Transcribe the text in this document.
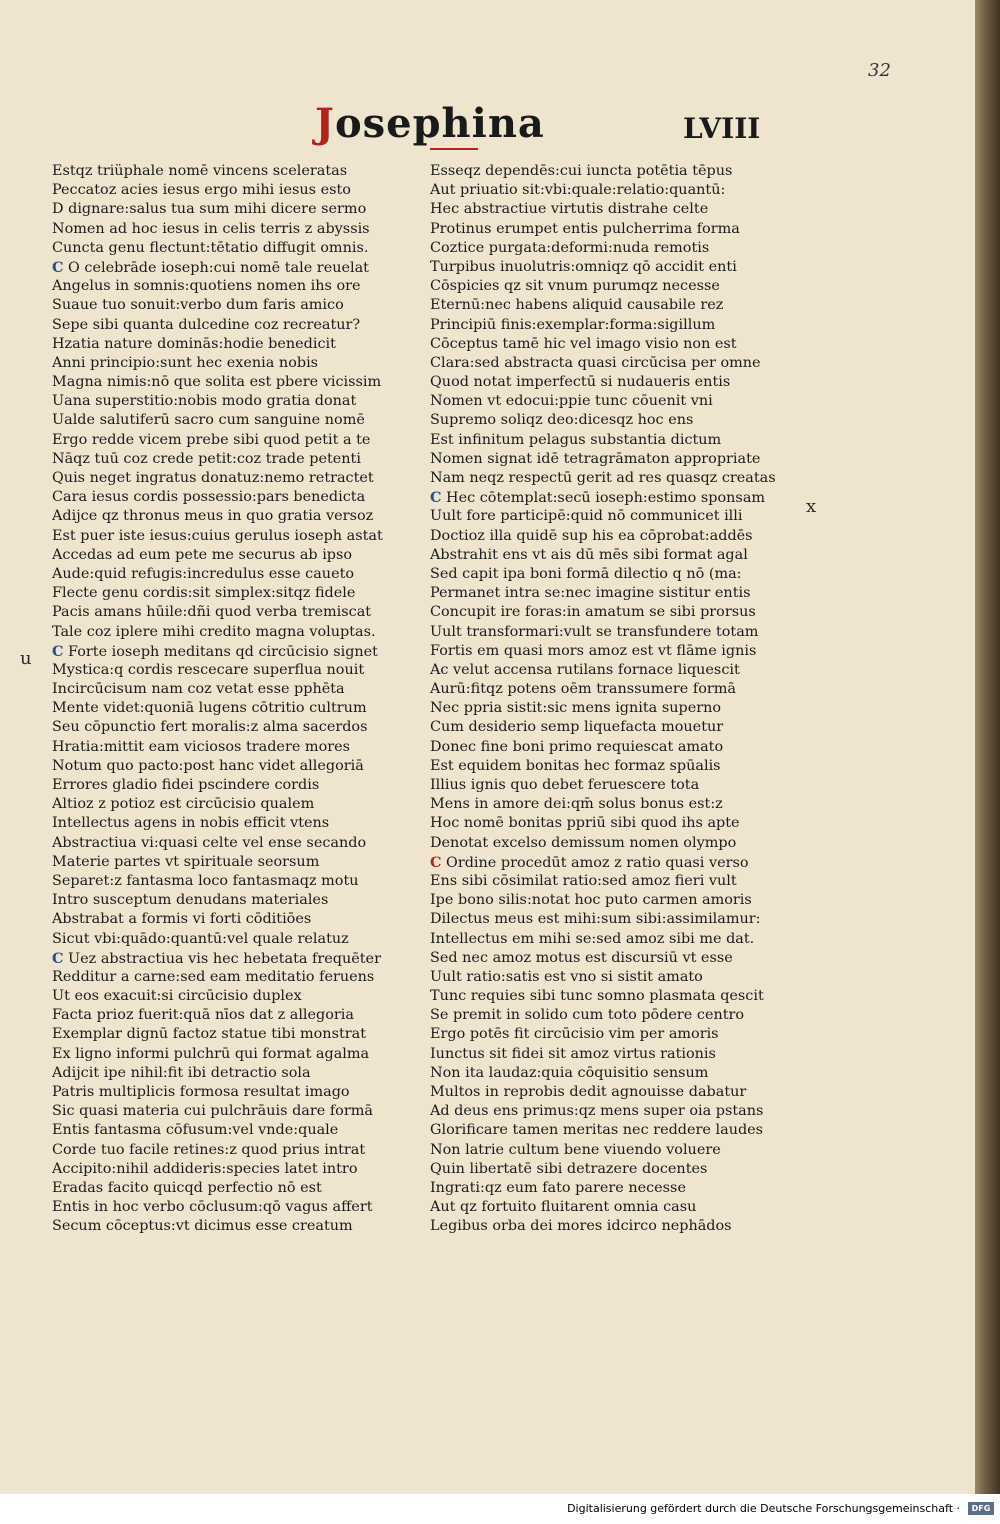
32
Josephina	LVIII
Estqz triüphale nomē vincens sceleratas
Peccatoz acies iesus ergo mihi iesus esto
D dignare:salus tua sum mihi dicere sermo
Nomen ad hoc iesus in celis terris z abyssis
Cuncta genu flectunt:tētatio diffugit omnis.
C O celebrāde ioseph:cui nomē tale reuelat
Angelus in somnis:quotiens nomen ihs ore
Suaue tuo sonuit:verbo dum faris amico
Sepe sibi quanta dulcedine coz recreatur?
Hzatia nature dominās:hodie benedicit
Anni principio:sunt hec exenia nobis
Magna nimis:nō que solita est pbere vicissim
Uana superstitio:nobis modo gratia donat
Ualde salutiferū sacro cum sanguine nomē
Ergo redde vicem prebe sibi quod petit a te
Nāqz tuū coz crede petit:coz trade petenti
Quis neget ingratus donatuz:nemo retractet
Cara iesus cordis possessio:pars benedicta
Adijce qz thronus meus in quo gratia versoz
Est puer iste iesus:cuius gerulus ioseph astat
Accedas ad eum pete me securus ab ipso
Aude:quid refugis:incredulus esse caueto
Flecte genu cordis:sit simplex:sitqz fidele
Pacis amans hūile:dñi quod verba tremiscat
Tale coz iplere mihi credito magna voluptas.
C Forte ioseph meditans qd circūcisio signet
Mystica:q cordis rescecare superflua nouit
Incircūcisum nam coz vetat esse pphēta
Mente videt:quoniā lugens cōtritio cultrum
Seu cōpunctio fert moralis:z alma sacerdos
Hratia:mittit eam viciosos tradere mores
Notum quo pacto:post hanc videt allegoriā
Errores gladio fidei pscindere cordis
Altioz z potioz est circūcisio qualem
Intellectus agens in nobis efficit vtens
Abstractiua vi:quasi celte vel ense secando
Materie partes vt spirituale seorsum
Separet:z fantasma loco fantasmaqz motu
Intro susceptum denudans materiales
Abstrabat a formis vi forti cōditiōes
Sicut vbi:quādo:quantū:vel quale relatuz
C Uez abstractiua vis hec hebetata frequēter
Redditur a carne:sed eam meditatio feruens
Ut eos exacuit:si circūcisio duplex
Facta prioz fuerit:quā nīos dat z allegoria
Exemplar dignū factoz statue tibi monstrat
Ex ligno informi pulchrū qui format agalma
Adijcit ipe nihil:fit ibi detractio sola
Patris multiplicis formosa resultat imago
Sic quasi materia cui pulchrāuis dare formā
Entis fantasma cōfusum:vel vnde:quale
Corde tuo facile retines:z quod prius intrat
Accipito:nihil addideris:species latet intro
Eradas facito quicqd perfectio nō est
Entis in hoc verbo cōclusum:qō vagus affert
Secum cōceptus:vt dicimus esse creatum
Esseqz dependēs:cui iuncta potētia tēpus
Aut priuatio sit:vbi:quale:relatio:quantū:
Hec abstractiue virtutis distrahe celte
Protinus erumpet entis pulcherrima forma
Coztice purgata:deformi:nuda remotis
Turpibus inuolutris:omniqz qō accidit enti
Cōspicies qz sit vnum purumqz necesse
Eternū:nec habens aliquid causabile rez
Principiū finis:exemplar:forma:sigillum
Cōceptus tamē hic vel imago visio non est
Clara:sed abstracta quasi circūcisa per omne
Quod notat imperfectū si nudaueris entis
Nomen vt edocui:ppie tunc cōuenit vni
Supremo soliqz deo:dicesqz hoc ens
Est infinitum pelagus substantia dictum
Nomen signat idē tetragrāmaton appropriate
Nam neqz respectū gerit ad res quasqz creatas
C Hec cōtemplat:secū ioseph:estimo sponsam
Uult fore participē:quid nō communicet illi
Doctioz illa quidē sup his ea cōprobat:addēs
Abstrahit ens vt ais dū mēs sibi format agal
Sed capit ipa boni formā dilectio q nō (ma:
Permanet intra se:nec imagine sistitur entis
Concupit ire foras:in amatum se sibi prorsus
Uult transformari:vult se transfundere totam
Fortis em quasi mors amoz est vt flāme ignis
Ac velut accensa rutilans fornace liquescit
Aurū:fitqz potens oēm transsumere formā
Nec ppria sistit:sic mens ignita superno
Cum desiderio semp liquefacta mouetur
Donec fine boni primo requiescat amato
Est equidem bonitas hec formaz spūalis
Illius ignis quo debet feruescere tota
Mens in amore dei:qm̄ solus bonus est:z
Hoc nomē bonitas ppriū sibi quod ihs apte
Denotat excelso demissum nomen olympo
C Ordine procedūt amoz z ratio quasi verso
Ens sibi cōsimilat ratio:sed amoz fieri vult
Ipe bono silis:notat hoc puto carmen amoris
Dilectus meus est mihi:sum sibi:assimilamur:
Intellectus em mihi se:sed amoz sibi me dat.
Sed nec amoz motus est discursiū vt esse
Uult ratio:satis est vno si sistit amato
Tunc requies sibi tunc somno plasmata qescit
Se premit in solido cum toto pōdere centro
Ergo potēs fit circūcisio vim per amoris
Iunctus sit fidei sit amoz virtus rationis
Non ita laudaz:quia cōquisitio sensum
Multos in reprobis dedit agnouisse dabatur
Ad deus ens primus:qz mens super oia pstans
Glorificare tamen meritas nec reddere laudes
Non latrie cultum bene viuendo voluere
Quin libertatē sibi detrazere docentes
Ingrati:qz eum fato parere necesse
Aut qz fortuito fluitarent omnia casu
Legibus orba dei mores idcirco nephādos
u
x
Digitalisierung gefördert durch die Deutsche Forschungsgemeinschaft ·	DFG
